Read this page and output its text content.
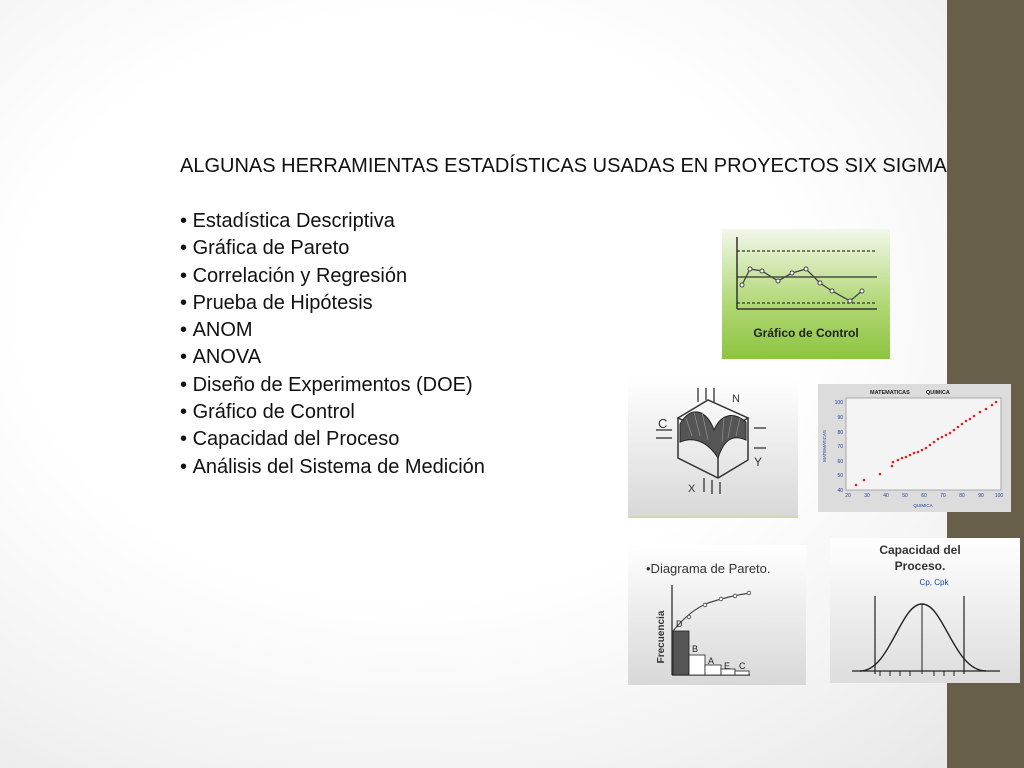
ALGUNAS HERRAMIENTAS ESTADÍSTICAS USADAS EN PROYECTOS SIX SIGMA
• Estadística Descriptiva
• Gráfica de Pareto
• Correlación y Regresión
• Prueba de Hipótesis
• ANOM
• ANOVA
• Diseño de Experimentos (DOE)
• Gráfico de Control
• Capacidad del Proceso
• Análisis del Sistema de Medición
Gráfico de Control
C
N
Y
X
MATEMATICAS	QUIMICA
100
90
80
70
60
50
40
20	30	40	50	60	70	80	90 100
QUIMICA
MATEMATICAS
•Diagrama de Pareto.
Frecuencia D
B
A E C
Capacidad del
Proceso.
Cp, Cpk
